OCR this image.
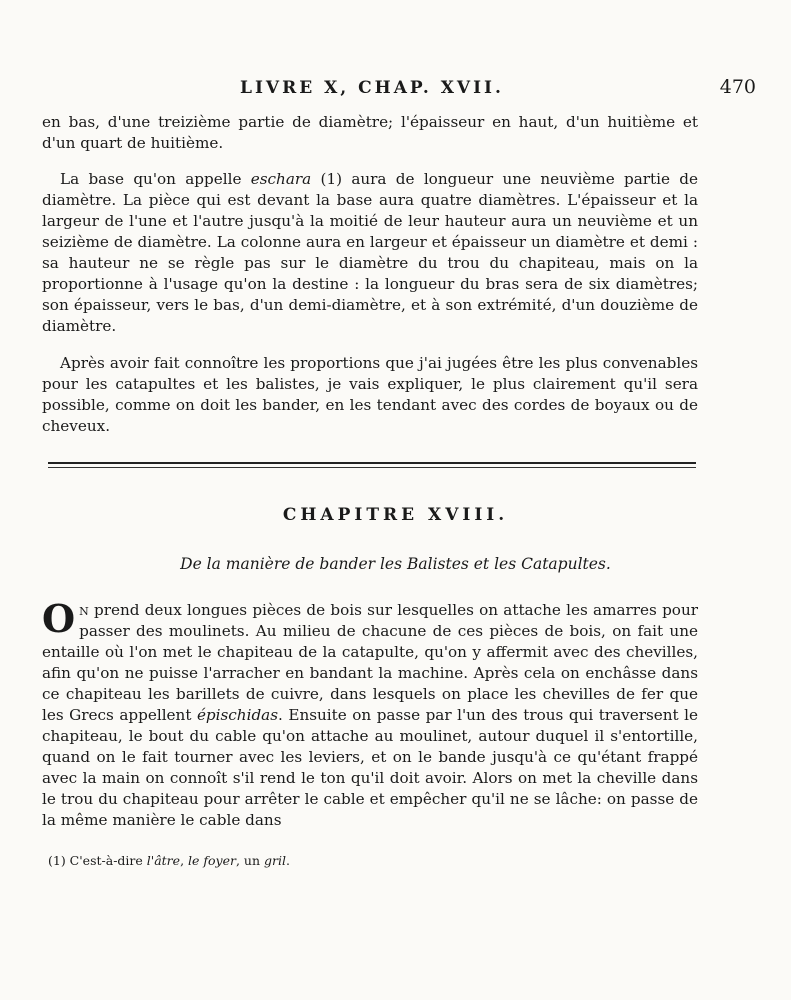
LIVRE X, CHAP. XVII.	470

en bas, d'une treizième partie de diamètre; l'épaisseur en haut, d'un huitième et d'un quart de huitième.

La base qu'on appelle eschara (1) aura de longueur une neuvième partie de diamètre. La pièce qui est devant la base aura quatre diamètres. L'épaisseur et la largeur de l'une et l'autre jusqu'à la moitié de leur hauteur aura un neuvième et un seizième de diamètre. La colonne aura en largeur et épaisseur un diamètre et demi : sa hauteur ne se règle pas sur le diamètre du trou du chapiteau, mais on la proportionne à l'usage qu'on la destine : la longueur du bras sera de six diamètres; son épaisseur, vers le bas, d'un demi-diamètre, et à son extrémité, d'un douzième de diamètre.

Après avoir fait connoître les proportions que j'ai jugées être les plus convenables pour les catapultes et les balistes, je vais expliquer, le plus clairement qu'il sera possible, comme on doit les bander, en les tendant avec des cordes de boyaux ou de cheveux.

CHAPITRE XVIII.
De la manière de bander les Balistes et les Catapultes.

On prend deux longues pièces de bois sur lesquelles on attache les amarres pour passer des moulinets. Au milieu de chacune de ces pièces de bois, on fait une entaille où l'on met le chapiteau de la catapulte, qu'on y affermit avec des chevilles, afin qu'on ne puisse l'arracher en bandant la machine. Après cela on enchâsse dans ce chapiteau les barillets de cuivre, dans lesquels on place les chevilles de fer que les Grecs appellent épischidas. Ensuite on passe par l'un des trous qui traversent le chapiteau, le bout du cable qu'on attache au moulinet, autour duquel il s'entortille, quand on le fait tourner avec les leviers, et on le bande jusqu'à ce qu'étant frappé avec la main on connoît s'il rend le ton qu'il doit avoir. Alors on met la cheville dans le trou du chapiteau pour arrêter le cable et empêcher qu'il ne se lâche: on passe de la même manière le cable dans

(1) C'est-à-dire l'âtre, le foyer, un gril.
